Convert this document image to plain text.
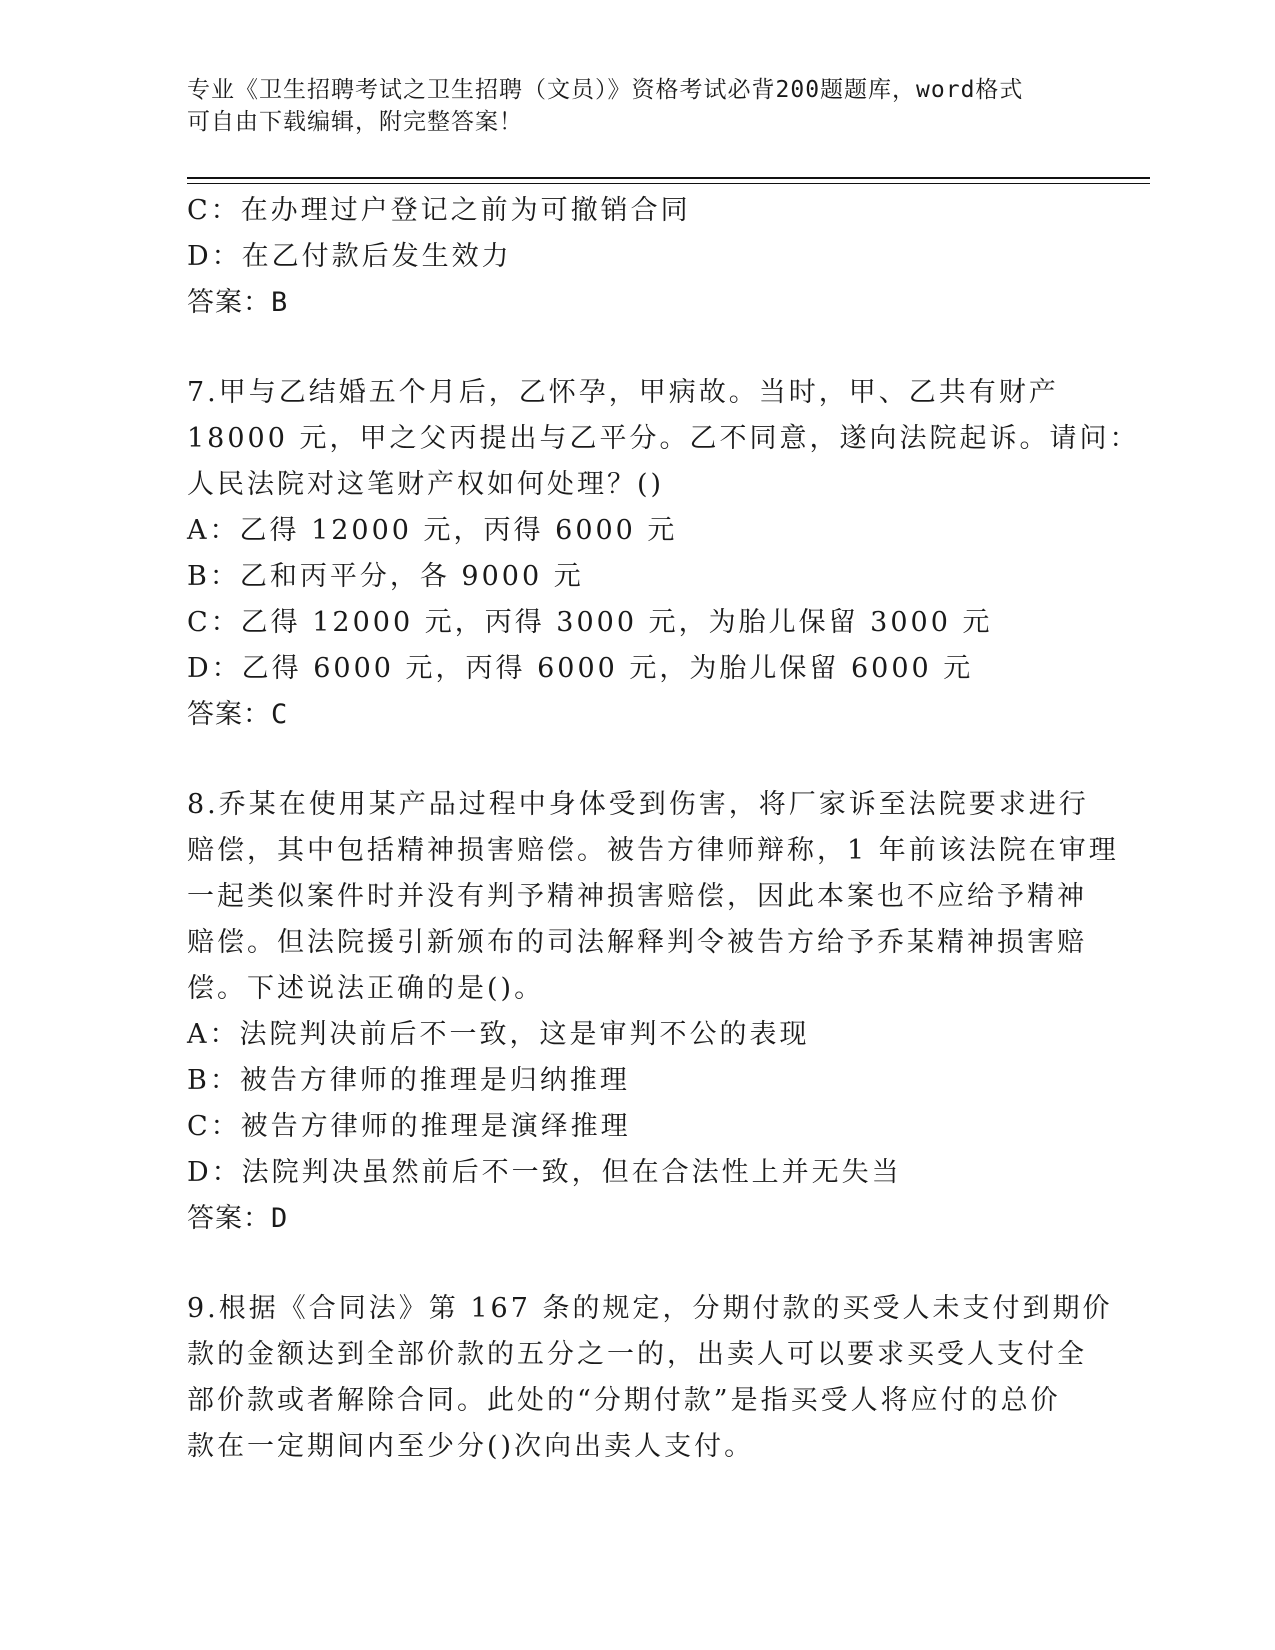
专业《卫生招聘考试之卫生招聘（文员）》资格考试必背200题题库，word格式
可自由下载编辑，附完整答案！

C：在办理过户登记之前为可撤销合同

D：在乙付款后发生效力

答案：B

7.甲与乙结婚五个月后，乙怀孕，甲病故。当时，甲、乙共有财产

18000 元，甲之父丙提出与乙平分。乙不同意，遂向法院起诉。请问：

人民法院对这笔财产权如何处理？()

A：乙得 12000 元，丙得 6000 元

B：乙和丙平分，各 9000 元

C：乙得 12000 元，丙得 3000 元，为胎儿保留 3000 元

D：乙得 6000 元，丙得 6000 元，为胎儿保留 6000 元

答案：C

8.乔某在使用某产品过程中身体受到伤害，将厂家诉至法院要求进行

赔偿，其中包括精神损害赔偿。被告方律师辩称，1 年前该法院在审理

一起类似案件时并没有判予精神损害赔偿，因此本案也不应给予精神

赔偿。但法院援引新颁布的司法解释判令被告方给予乔某精神损害赔

偿。下述说法正确的是()。

A：法院判决前后不一致，这是审判不公的表现

B：被告方律师的推理是归纳推理

C：被告方律师的推理是演绎推理

D：法院判决虽然前后不一致，但在合法性上并无失当

答案：D

9.根据《合同法》第 167 条的规定，分期付款的买受人未支付到期价

款的金额达到全部价款的五分之一的，出卖人可以要求买受人支付全

部价款或者解除合同。此处的“分期付款”是指买受人将应付的总价

款在一定期间内至少分()次向出卖人支付。
